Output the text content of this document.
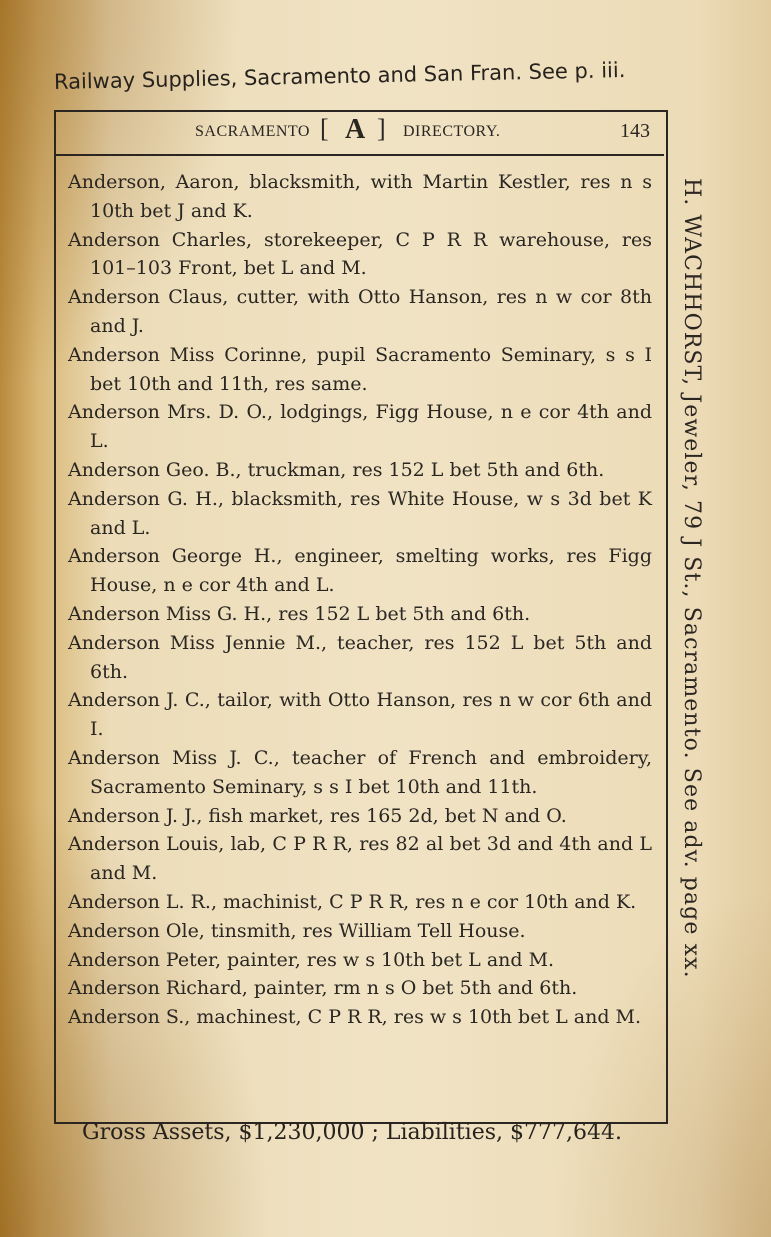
Railway Supplies, Sacramento and San Fran. See p. iii.
SACRAMENTO [ A ] DIRECTORY.	143
Anderson, Aaron, blacksmith, with Martin Kestler, res n s 10th bet J and K.
Anderson Charles, storekeeper, C P R R warehouse, res 101–103 Front, bet L and M.
Anderson Claus, cutter, with Otto Hanson, res n w cor 8th and J.
Anderson Miss Corinne, pupil Sacramento Seminary, s s I bet 10th and 11th, res same.
Anderson Mrs. D. O., lodgings, Figg House, n e cor 4th and L.
Anderson Geo. B., truckman, res 152 L bet 5th and 6th.
Anderson G. H., blacksmith, res White House, w s 3d bet K and L.
Anderson George H., engineer, smelting works, res Figg House, n e cor 4th and L.
Anderson Miss G. H., res 152 L bet 5th and 6th.
Anderson Miss Jennie M., teacher, res 152 L bet 5th and 6th.
Anderson J. C., tailor, with Otto Hanson, res n w cor 6th and I.
Anderson Miss J. C., teacher of French and embroidery, Sacramento Seminary, s s I bet 10th and 11th.
Anderson J. J., fish market, res 165 2d, bet N and O.
Anderson Louis, lab, C P R R, res 82 al bet 3d and 4th and L and M.
Anderson L. R., machinist, C P R R, res n e cor 10th and K.
Anderson Ole, tinsmith, res William Tell House.
Anderson Peter, painter, res w s 10th bet L and M.
Anderson Richard, painter, rm n s O bet 5th and 6th.
Anderson S., machinest, C P R R, res w s 10th bet L and M.
H. WACHHORST, Jeweler, 79 J St., Sacramento. See adv. page xx.
Gross Assets, $1,230,000 ; Liabilities, $777,644.
